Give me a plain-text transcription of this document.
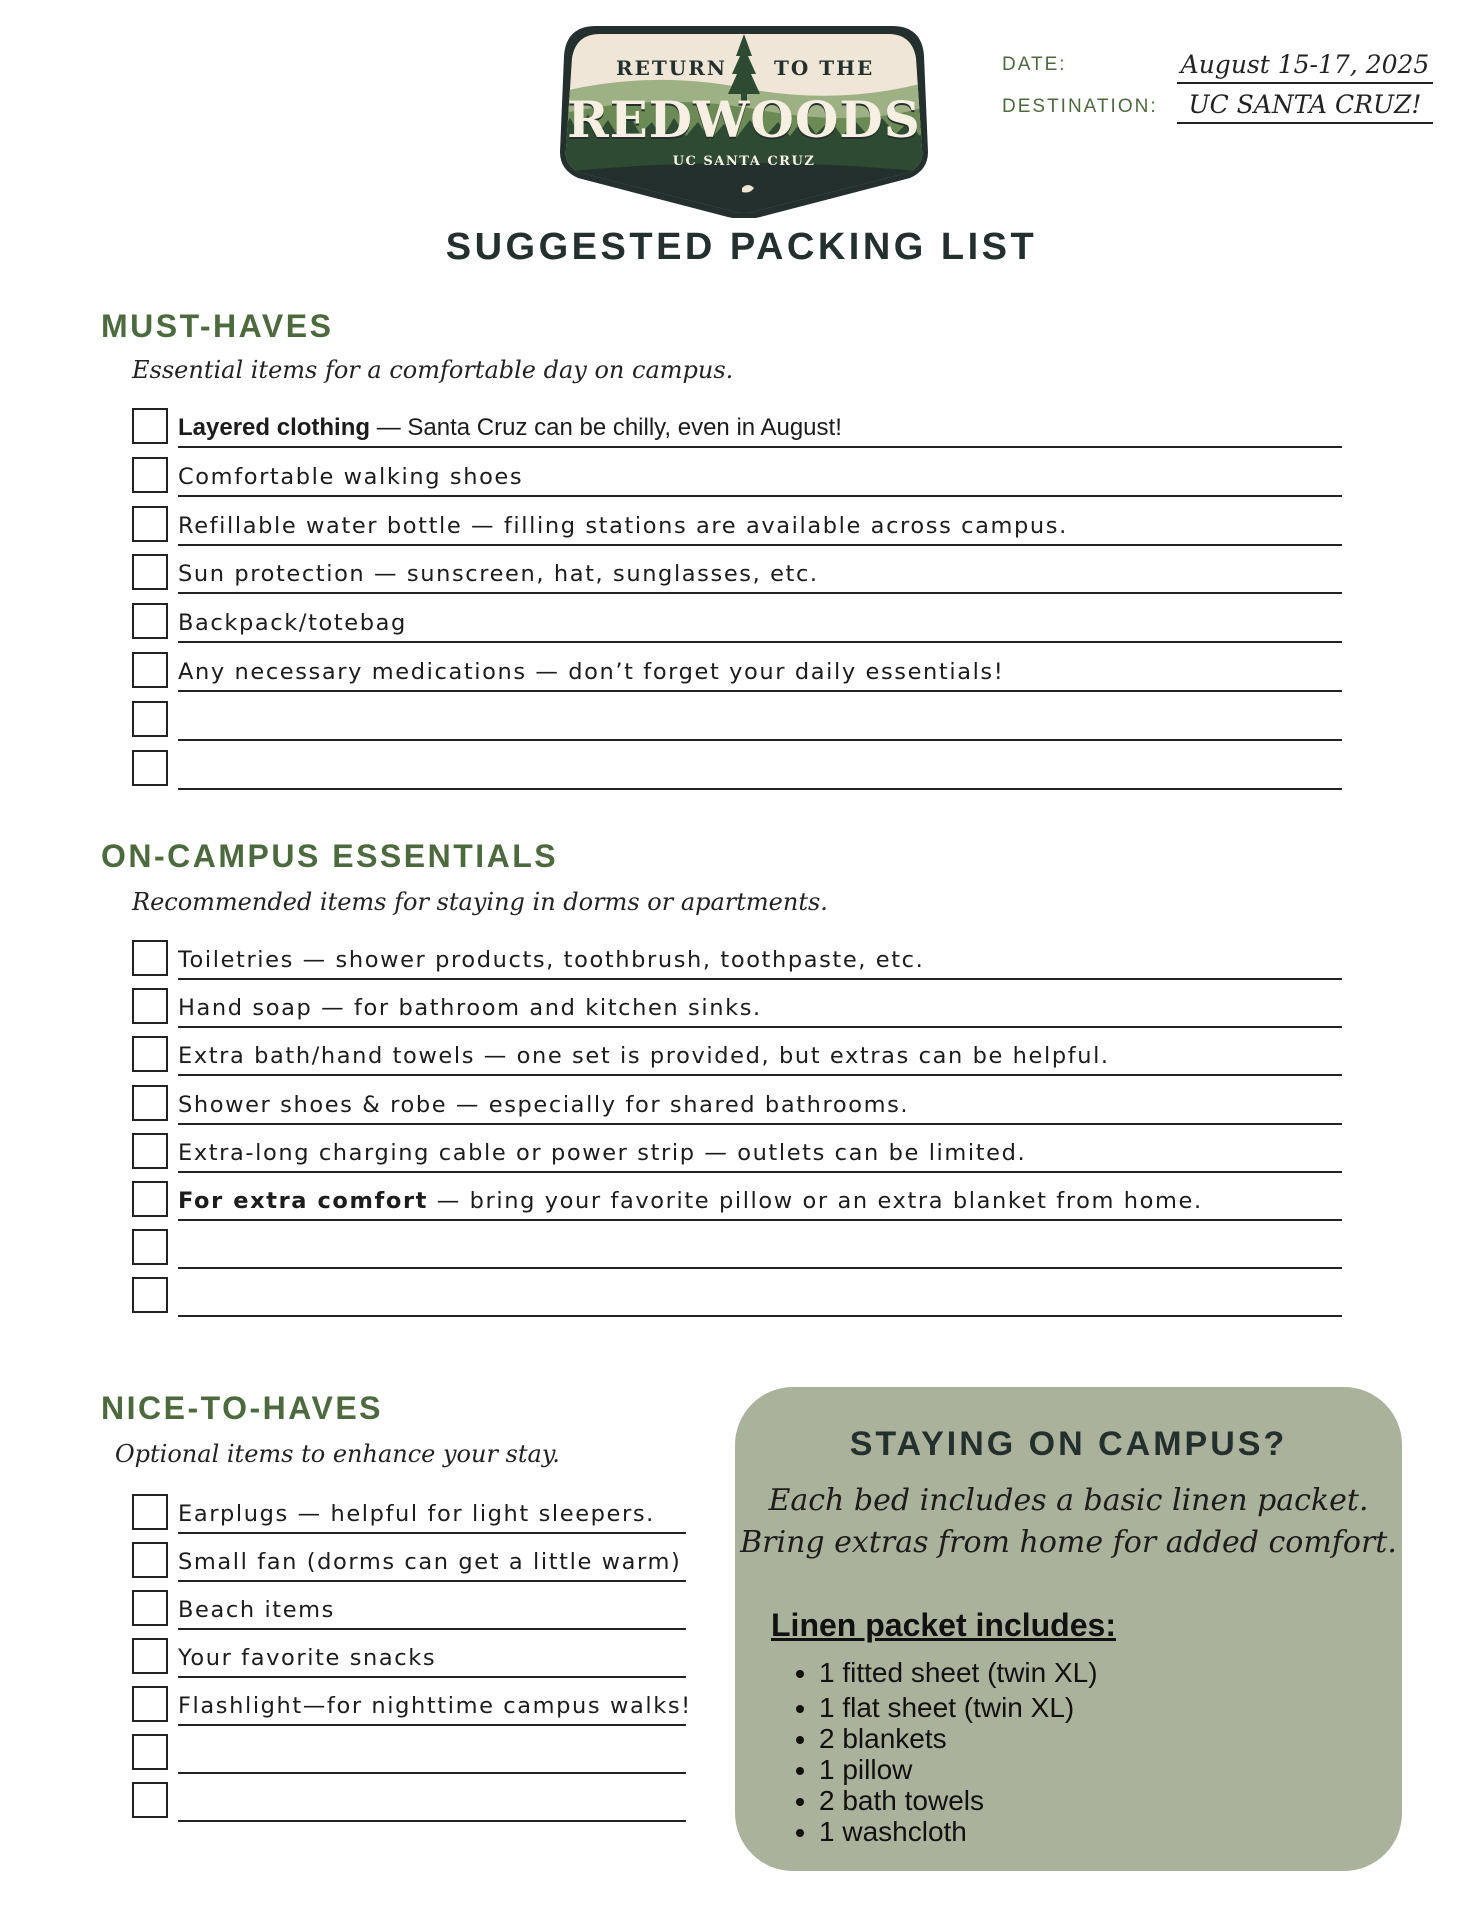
RETURN TO THE
REDWOODS
UC SANTA CRUZ
DATE:	August 15-17, 2025
DESTINATION:	UC SANTA CRUZ!
SUGGESTED PACKING LIST
MUST-HAVES
Essential items for a comfortable day on campus.
Layered clothing — Santa Cruz can be chilly, even in August!
Comfortable walking shoes
Refillable water bottle — filling stations are available across campus.
Sun protection — sunscreen, hat, sunglasses, etc.
Backpack/totebag
Any necessary medications — don’t forget your daily essentials!
ON-CAMPUS ESSENTIALS
Recommended items for staying in dorms or apartments.
Toiletries — shower products, toothbrush, toothpaste, etc.
Hand soap — for bathroom and kitchen sinks.
Extra bath/hand towels — one set is provided, but extras can be helpful.
Shower shoes & robe — especially for shared bathrooms.
Extra-long charging cable or power strip — outlets can be limited.
For extra comfort — bring your favorite pillow or an extra blanket from home.
NICE-TO-HAVES
Optional items to enhance your stay.
Earplugs — helpful for light sleepers.
Small fan (dorms can get a little warm)
Beach items
Your favorite snacks
Flashlight—for nighttime campus walks!
STAYING ON CAMPUS?
Each bed includes a basic linen packet.
Bring extras from home for added comfort.
Linen packet includes:
• 1 fitted sheet (twin XL)
• 1 flat sheet (twin XL)
• 2 blankets
• 1 pillow
• 2 bath towels
• 1 washcloth
